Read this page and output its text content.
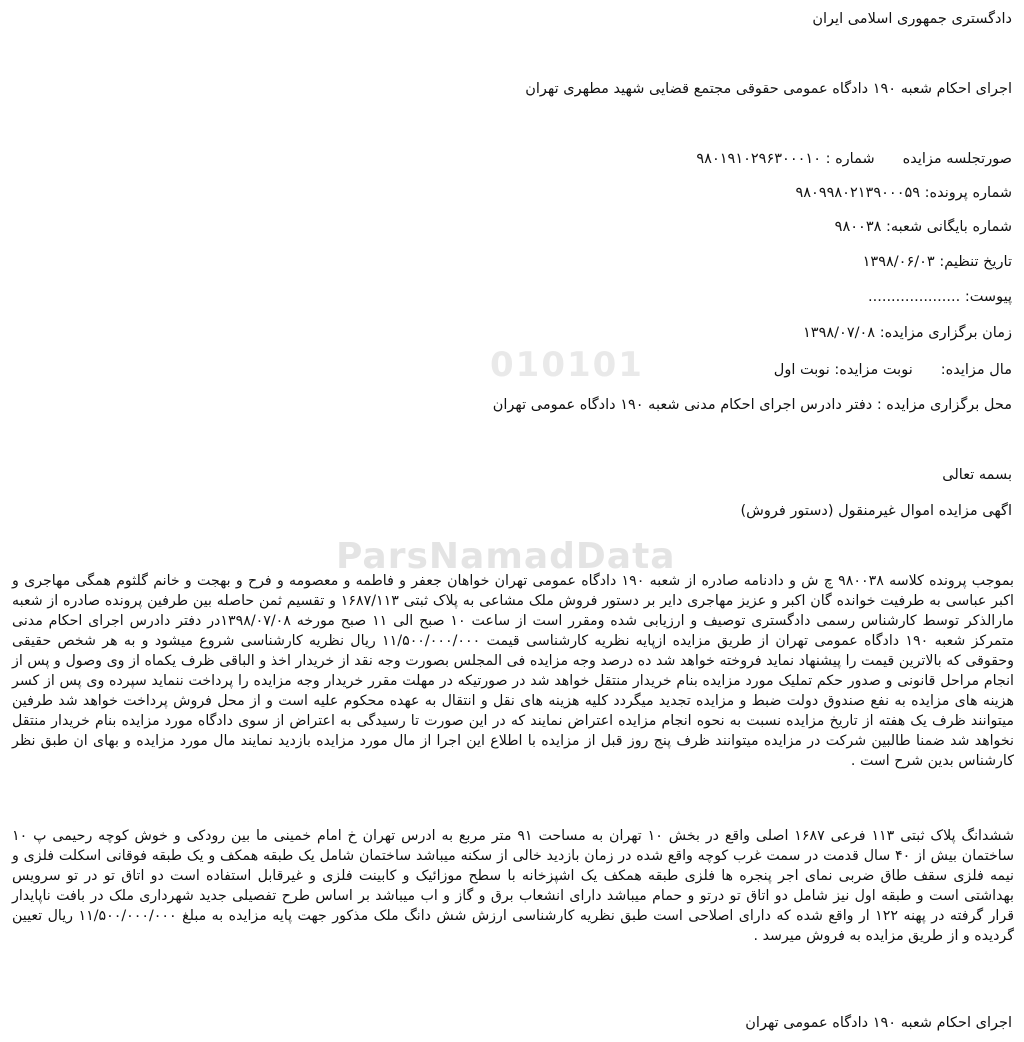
010101
ParsNamadData
دادگستری جمهوری اسلامی ایران
اجرای احکام شعبه ۱۹۰ دادگاه عمومی حقوقی مجتمع قضایی شهید مطهری تهران
صورتجلسه مزایده
شماره : ۹۸۰۱۹۱۰۲۹۶۳۰۰۰۱۰
شماره پرونده: ۹۸۰۹۹۸۰۲۱۳۹۰۰۰۵۹
شماره بایگانی شعبه: ۹۸۰۰۳۸
تاریخ تنظیم: ۱۳۹۸/۰۶/۰۳
پیوست: ....................
زمان برگزاری مزایده: ۱۳۹۸/۰۷/۰۸
مال مزایده:
نوبت مزایده: نوبت اول
محل برگزاری مزایده : دفتر دادرس اجرای احکام مدنی شعبه ۱۹۰ دادگاه عمومی تهران
بسمه تعالی
اگهی مزایده اموال غیرمنقول (دستور فروش)
بموجب پرونده کلاسه ۹۸۰۰۳۸ چ ش و دادنامه صادره از شعبه ۱۹۰ دادگاه عمومی تهران خواهان جعفر و فاطمه و معصومه و فرح و بهجت و خانم گلثوم همگی مهاجری و اکبر عباسی به طرفیت خوانده گان اکبر و عزیز مهاجری دایر بر دستور فروش ملک مشاعی به پلاک ثبتی ۱۶۸۷/۱۱۳ و تقسیم ثمن حاصله بین طرفین پرونده صادره از شعبه مارالذکر توسط کارشناس رسمی دادگستری توصیف و ارزیابی شده ومقرر است از ساعت ۱۰ صبح الی ۱۱ صبح مورخه ۱۳۹۸/۰۷/۰۸در دفتر دادرس اجرای احکام مدنی متمرکز شعبه ۱۹۰ دادگاه عمومی تهران از طریق مزایده ازپایه نظریه کارشناسی قیمت ۱۱/۵۰۰/۰۰۰/۰۰۰ ریال نظریه کارشناسی شروع میشود و به هر شخص حقیقی وحقوقی که بالاترین قیمت را پیشنهاد نماید فروخته خواهد شد ده درصد وجه مزایده فی المجلس بصورت وجه نقد از خریدار اخذ و الباقی ظرف یکماه از وی وصول و پس از انجام مراحل قانونی و صدور حکم تملیک مورد مزایده بنام خریدار منتقل خواهد شد در صورتیکه در مهلت مقرر خریدار وجه مزایده را پرداخت ننماید سپرده وی پس از کسر هزینه های مزایده به نفع صندوق دولت ضبط و مزایده تجدید میگردد کلیه هزینه های نقل و انتقال به عهده محکوم علیه است و از محل فروش پرداخت خواهد شد طرفین میتوانند ظرف یک هفته از تاریخ مزایده نسبت به نحوه انجام مزایده اعتراض نمایند که در این صورت تا رسیدگی به اعتراض از سوی دادگاه مورد مزایده بنام خریدار منتقل نخواهد شد ضمنا طالبین شرکت در مزایده میتوانند ظرف پنج روز قبل از مزایده با اطلاع این اجرا از مال مورد مزایده بازدید نمایند مال مورد مزایده و بهای ان طبق نظر کارشناس بدین شرح است .
ششدانگ پلاک ثبتی ۱۱۳ فرعی ۱۶۸۷ اصلی واقع در بخش ۱۰ تهران به مساحت ۹۱ متر مربع به ادرس تهران خ امام خمینی ما بین رودکی و خوش کوچه رحیمی پ ۱۰ ساختمان بیش از ۴۰ سال قدمت در سمت غرب کوچه واقع شده در زمان بازدید خالی از سکنه میباشد ساختمان شامل یک طبقه همکف و یک طبقه فوقانی اسکلت فلزی و نیمه فلزی سقف طاق ضربی نمای اجر پنجره ها فلزی طبقه همکف یک اشپزخانه با سطح موزائیک و کابینت فلزی و غیرقابل استفاده است دو اتاق تو در تو سرویس بهداشتی است و طبقه اول نیز شامل دو اتاق تو درتو و حمام میباشد دارای انشعاب برق و گاز و اب میباشد بر اساس طرح تفصیلی جدید شهرداری ملک در بافت ناپایدار قرار گرفته در پهنه ۱۲۲ ار واقع شده که دارای اصلاحی است طبق نظریه کارشناسی ارزش شش دانگ ملک مذکور جهت پایه مزایده به مبلغ ۱۱/۵۰۰/۰۰۰/۰۰۰ ریال تعیین گردیده و از طریق مزایده به فروش میرسد .
اجرای احکام شعبه ۱۹۰ دادگاه عمومی تهران
